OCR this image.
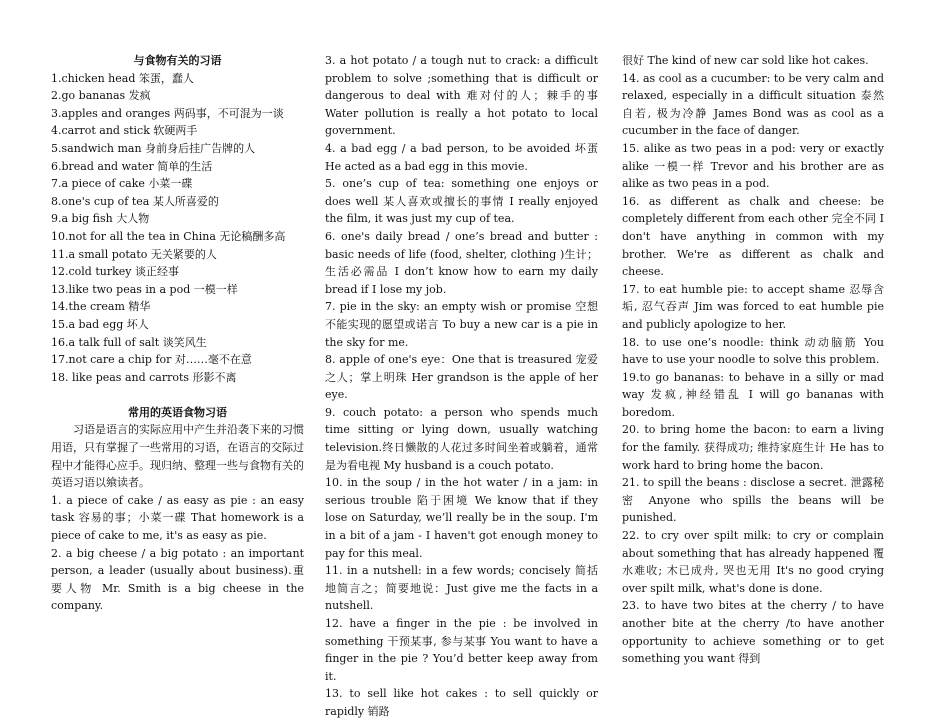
与食物有关的习语

1.chicken head 笨蛋，蠢人

2.go bananas 发疯

3.apples and oranges 两码事，不可混为一谈

4.carrot and stick 软硬两手

5.sandwich man 身前身后挂广告牌的人

6.bread and water 简单的生活

7.a piece of cake 小菜一碟

8.one's cup of tea 某人所喜爱的

9.a big fish 大人物

10.not for all the tea in China 无论稿酬多高

11.a small potato 无关紧要的人

12.cold turkey 谈正经事

13.like two peas in a pod 一模一样

14.the cream 精华

15.a bad egg 坏人

16.a talk full of salt 谈笑风生

17.not care a chip for 对……毫不在意

18. like peas and carrots 形影不离

常用的英语食物习语

习语是语言的实际应用中产生并沿袭下来的习惯用语，只有掌握了一些常用的习语，在语言的交际过程中才能得心应手。现归纳、整理一些与食物有关的英语习语以飨读者。

1. a piece of cake / as easy as pie : an easy task 容易的事；小菜一碟 That homework is a piece of cake to me, it's as easy as pie.

2. a big cheese / a big potato : an important person, a leader (usually about business).重要人物 Mr. Smith is a big cheese in the company.

3. a hot potato / a tough nut to crack: a difficult problem to solve ;something that is difficult or dangerous to deal with 难对付的人；棘手的事 Water pollution is really a hot potato to local government.

4. a bad egg / a bad person, to be avoided 坏蛋 He acted as a bad egg in this movie.

5. one’s cup of tea: something one enjoys or does well 某人喜欢或擅长的事情 I really enjoyed the film, it was just my cup of tea.

6. one's daily bread / one’s bread and butter : basic needs of life (food, shelter, clothing )生计；生活必需品 I don’t know how to earn my daily bread if I lose my job.

7. pie in the sky: an empty wish or promise 空想不能实现的愿望或诺言 To buy a new car is a pie in the sky for me.

8. apple of one's eye：One that is treasured 宠爱之人；掌上明珠 Her grandson is the apple of her eye.

9. couch potato: a person who spends much time sitting or lying down, usually watching television.终日懒散的人花过多时间坐着或躺着，通常是为看电视 My husband is a couch potato.

10. in the soup / in the hot water / in a jam: in serious trouble 陷于困境 We know that if they lose on Saturday, we’ll really be in the soup. I'm in a bit of a jam - I haven't got enough money to pay for this meal.

11. in a nutshell: in a few words; concisely 简括地简言之；简要地说：Just give me the facts in a nutshell.

12. have a finger in the pie : be involved in something 干预某事, 参与某事 You want to have a finger in the pie ? You’d better keep away from it.

13. to sell like hot cakes : to sell quickly or rapidly 销路

很好 The kind of new car sold like hot cakes.

14. as cool as a cucumber: to be very calm and relaxed, especially in a difficult situation 泰然自若, 极为冷静 James Bond was as cool as a cucumber in the face of danger.

15. alike as two peas in a pod: very or exactly alike 一模一样 Trevor and his brother are as alike as two peas in a pod.

16. as different as chalk and cheese: be completely different from each other 完全不同 I don't have anything in common with my brother. We're as different as chalk and cheese.

17. to eat humble pie: to accept shame 忍辱含垢, 忍气吞声 Jim was forced to eat humble pie and publicly apologize to her.

18. to use one’s noodle: think 动动脑筋 You have to use your noodle to solve this problem.

19.to go bananas: to behave in a silly or mad way 发疯,神经错乱 I will go bananas with boredom.

20. to bring home the bacon: to earn a living for the family. 获得成功; 维持家庭生计 He has to work hard to bring home the bacon.

21. to spill the beans : disclose a secret. 泄露秘密 Anyone who spills the beans will be punished.

22. to cry over spilt milk: to cry or complain about something that has already happened 覆水难收; 木已成舟, 哭也无用 It's no good crying over spilt milk, what's done is done.

23. to have two bites at the cherry / to have another bite at the cherry /to have another opportunity to achieve something or to get something you want 得到
